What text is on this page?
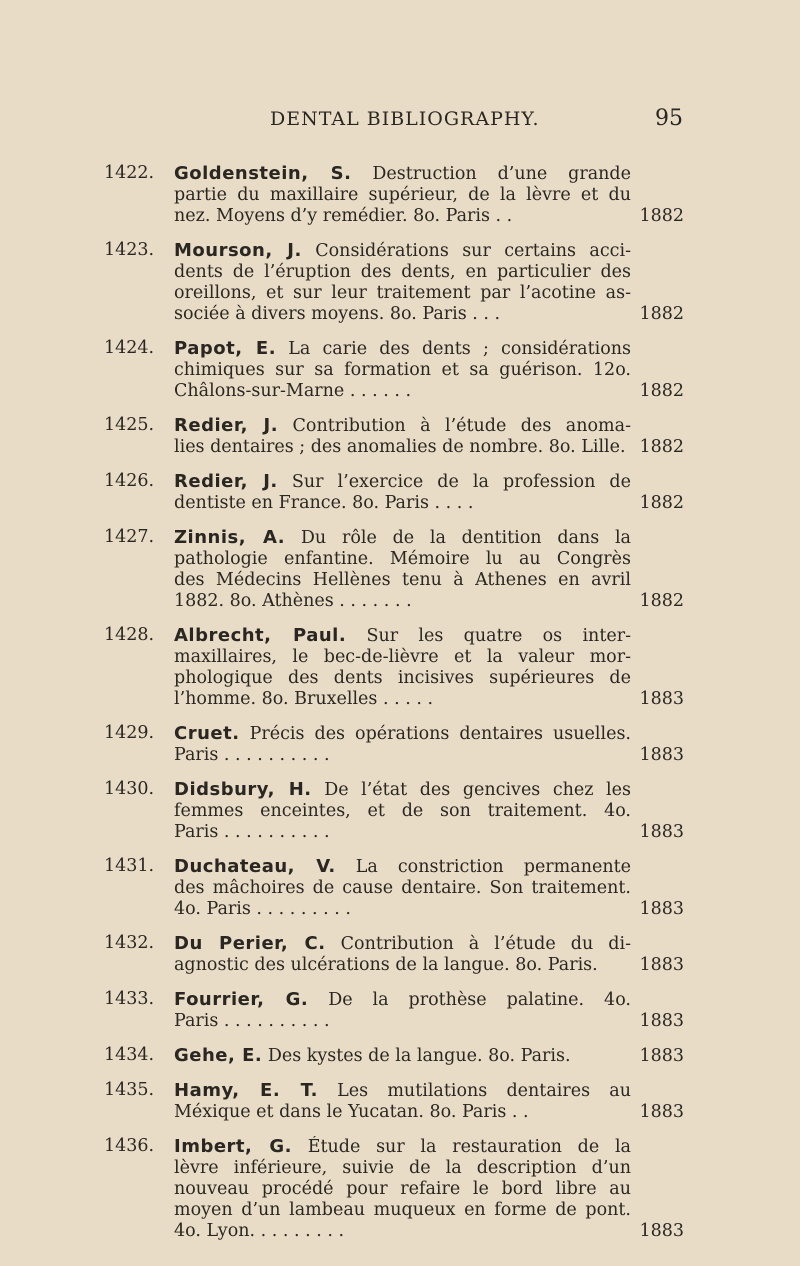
DENTAL BIBLIOGRAPHY.	95
1422.	Goldenstein, S. Destruction d’une grande
partie du maxillaire supérieur, de la lèvre et du
nez. Moyens d’y remédier. 8o. Paris . .	1882
1423.	Mourson, J. Considérations sur certains acci-
dents de l’éruption des dents, en particulier des
oreillons, et sur leur traitement par l’acotine as-
sociée à divers moyens. 8o. Paris . . .	1882
1424.	Papot, E. La carie des dents ; considérations
chimiques sur sa formation et sa guérison. 12o.
Châlons-sur-Marne . . . . . .	1882
1425.	Redier, J. Contribution à l’étude des anoma-
lies dentaires ; des anomalies de nombre. 8o. Lille. 1882
1426.	Redier, J. Sur l’exercice de la profession de
dentiste en France. 8o. Paris . . . .	1882
1427.	Zinnis, A. Du rôle de la dentition dans la
pathologie enfantine. Mémoire lu au Congrès
des Médecins Hellènes tenu à Athenes en avril
1882. 8o. Athènes . . . . . . .	1882
1428.	Albrecht, Paul. Sur les quatre os inter-
maxillaires, le bec-de-lièvre et la valeur mor-
phologique des dents incisives supérieures de
l’homme. 8o. Bruxelles . . . . .	1883
1429.	Cruet. Précis des opérations dentaires usuelles.
Paris . . . . . . . . . .	1883
1430.	Didsbury, H. De l’état des gencives chez les
femmes enceintes, et de son traitement. 4o.
Paris . . . . . . . . . .	1883
1431.	Duchateau, V. La constriction permanente
des mâchoires de cause dentaire. Son traitement.
4o. Paris . . . . . . . . .	1883
1432.	Du Perier, C. Contribution à l’étude du di-
agnostic des ulcérations de la langue. 8o. Paris.	1883
1433.	Fourrier, G. De la prothèse palatine. 4o.
Paris . . . . . . . . . .	1883
1434.	Gehe, E. Des kystes de la langue. 8o. Paris.	1883
1435.	Hamy, E. T. Les mutilations dentaires au
Méxique et dans le Yucatan. 8o. Paris . .	1883
1436.	Imbert, G. Étude sur la restauration de la
lèvre inférieure, suivie de la description d’un
nouveau procédé pour refaire le bord libre au
moyen d’un lambeau muqueux en forme de pont.
4o. Lyon. . . . . . . . .	1883
